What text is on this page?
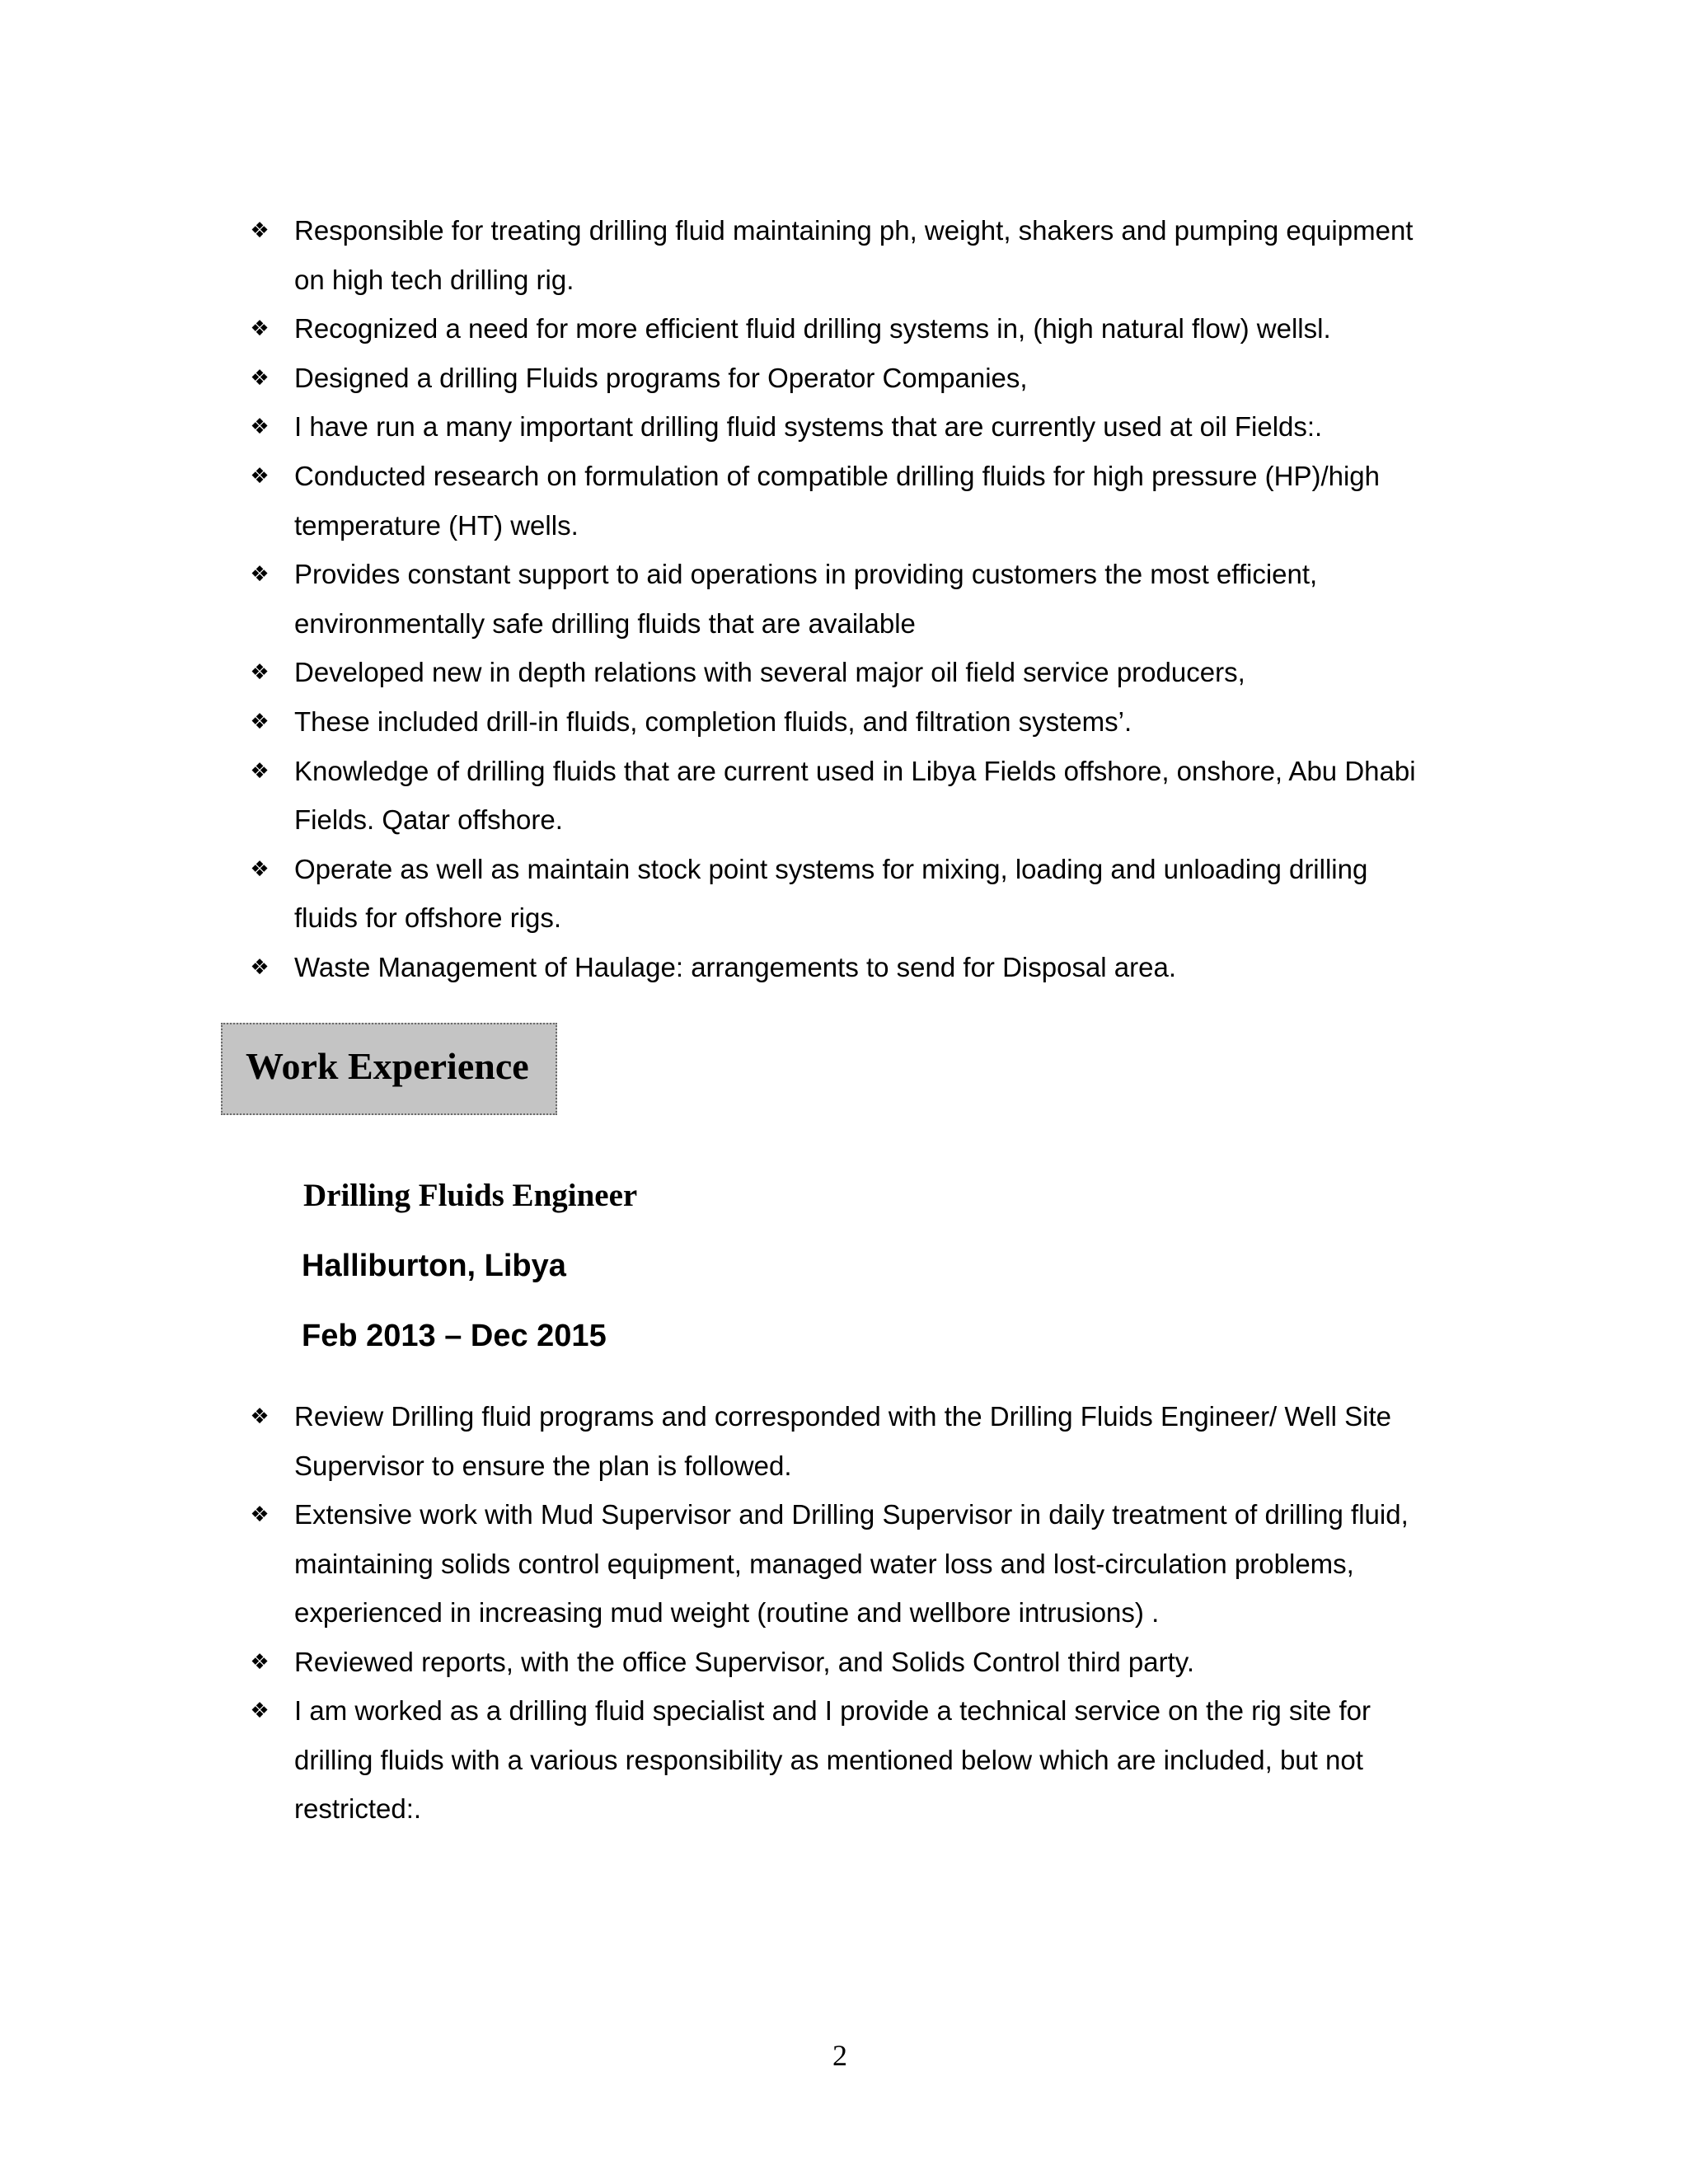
❖ Responsible for treating drilling fluid maintaining ph, weight, shakers and pumping equipment
on high tech drilling rig.
❖ Recognized a need for more efficient fluid drilling systems in, (high natural flow) wellsl.
❖ Designed a drilling Fluids programs for Operator Companies,
❖ I have run a many important drilling fluid systems that are currently used at oil Fields:.
❖ Conducted research on formulation of compatible drilling fluids for high pressure (HP)/high
temperature (HT) wells.
❖ Provides constant support to aid operations in providing customers the most efficient,
environmentally safe drilling fluids that are available
❖ Developed new in depth relations with several major oil field service producers,
❖ These included drill-in fluids, completion fluids, and filtration systems’.
❖ Knowledge of drilling fluids that are current used in Libya Fields offshore, onshore, Abu Dhabi
Fields. Qatar offshore.
❖ Operate as well as maintain stock point systems for mixing, loading and unloading drilling
fluids for offshore rigs.
❖ Waste Management of Haulage: arrangements to send for Disposal area.
Work Experience
Drilling Fluids Engineer
Halliburton, Libya
Feb 2013 – Dec 2015
❖ Review Drilling fluid programs and corresponded with the Drilling Fluids Engineer/ Well Site
Supervisor to ensure the plan is followed.
❖ Extensive work with Mud Supervisor and Drilling Supervisor in daily treatment of drilling fluid,
maintaining solids control equipment, managed water loss and lost-circulation problems,
experienced in increasing mud weight (routine and wellbore intrusions) .
❖ Reviewed reports, with the office Supervisor, and Solids Control third party.
❖ I am worked as a drilling fluid specialist and I provide a technical service on the rig site for
drilling fluids with a various responsibility as mentioned below which are included, but not
restricted:.
2
